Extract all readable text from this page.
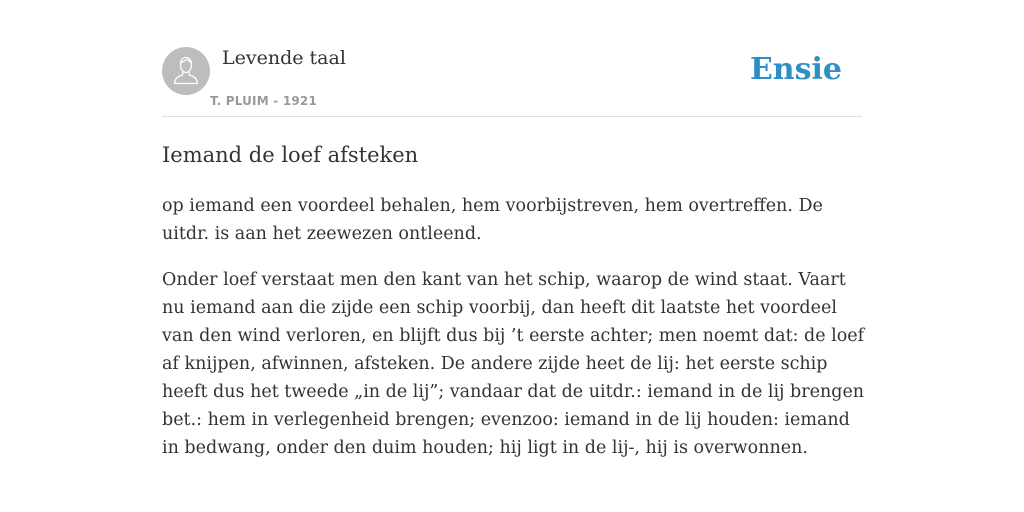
Levende taal
T. PLUIM - 1921
Ensie
Iemand de loef afsteken

op iemand een voordeel behalen, hem voorbijstreven, hem overtreffen. De uitdr. is aan het zeewezen ontleend.

Onder loef verstaat men den kant van het schip, waarop de wind staat. Vaart nu iemand aan die zijde een schip voorbij, dan heeft dit laatste het voordeel van den wind verloren, en blijft dus bij ’t eerste achter; men noemt dat: de loef af knijpen, afwinnen, afsteken. De andere zijde heet de lij: het eerste schip heeft dus het tweede „in de lij”; vandaar dat de uitdr.: iemand in de lij brengen bet.: hem in verlegenheid brengen; evenzoo: iemand in de lij houden: iemand in bedwang, onder den duim houden; hij ligt in de lij-, hij is overwonnen.
